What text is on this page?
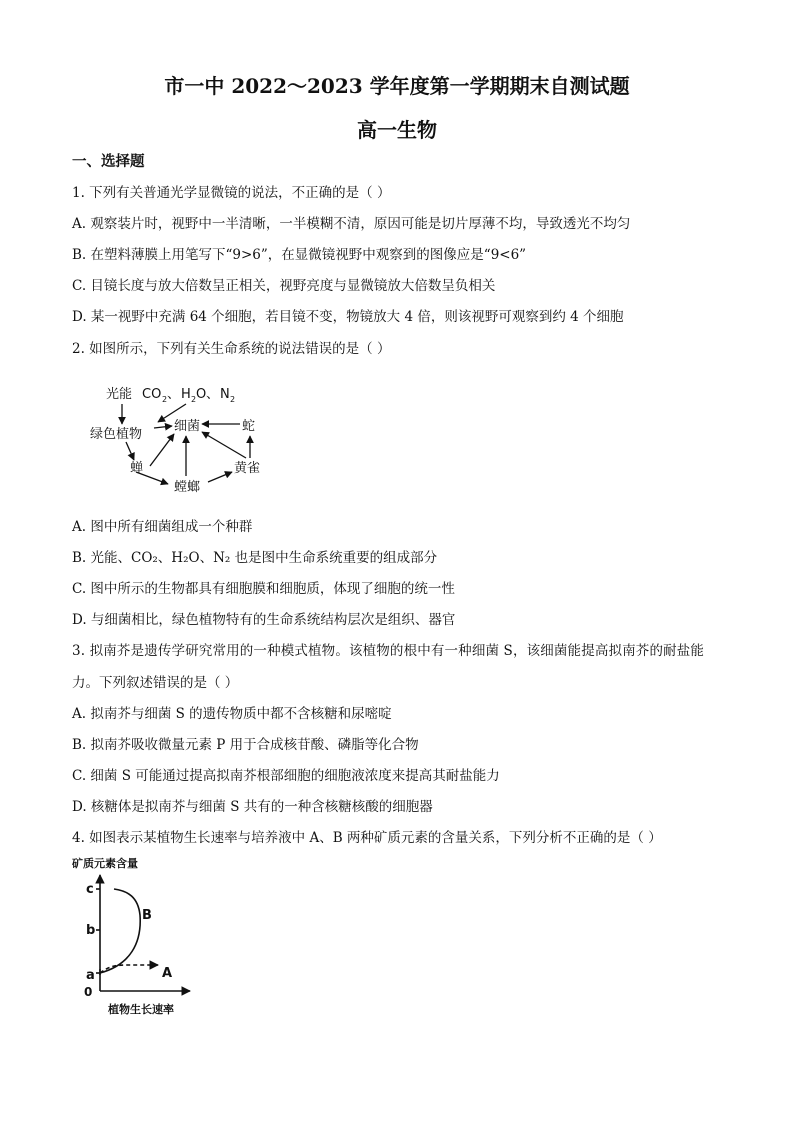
市一中 2022～2023 学年度第一学期期末自测试题
高一生物
一、选择题
1. 下列有关普通光学显微镜的说法，不正确的是（ ）
A. 观察装片时，视野中一半清晰，一半模糊不清，原因可能是切片厚薄不均，导致透光不均匀
B. 在塑料薄膜上用笔写下“9>6”，在显微镜视野中观察到的图像应是“9<6”
C. 目镜长度与放大倍数呈正相关，视野亮度与显微镜放大倍数呈负相关
D. 某一视野中充满 64 个细胞，若目镜不变，物镜放大 4 倍，则该视野可观察到约 4 个细胞
2. 如图所示，下列有关生命系统的说法错误的是（ ）
光能 CO 2 、 H 2 O 、 N 2
绿色植物
细菌	蛇
蝉
螳螂
黄雀
A. 图中所有细菌组成一个种群
B. 光能、CO₂、H₂O、N₂ 也是图中生命系统重要的组成部分
C. 图中所示的生物都具有细胞膜和细胞质，体现了细胞的统一性
D. 与细菌相比，绿色植物特有的生命系统结构层次是组织、器官
3. 拟南芥是遗传学研究常用的一种模式植物。该植物的根中有一种细菌 S，该细菌能提高拟南芥的耐盐能
力。下列叙述错误的是（ ）
A. 拟南芥与细菌 S 的遗传物质中都不含核糖和尿嘧啶
B. 拟南芥吸收微量元素 P 用于合成核苷酸、磷脂等化合物
C. 细菌 S 可能通过提高拟南芥根部细胞的细胞液浓度来提高其耐盐能力
D. 核糖体是拟南芥与细菌 S 共有的一种含核糖核酸的细胞器
4. 如图表示某植物生长速率与培养液中 A、B 两种矿质元素的含量关系，下列分析不正确的是（ ）
矿质元素含量
植物生长速率
0
a
b
c
B
A
